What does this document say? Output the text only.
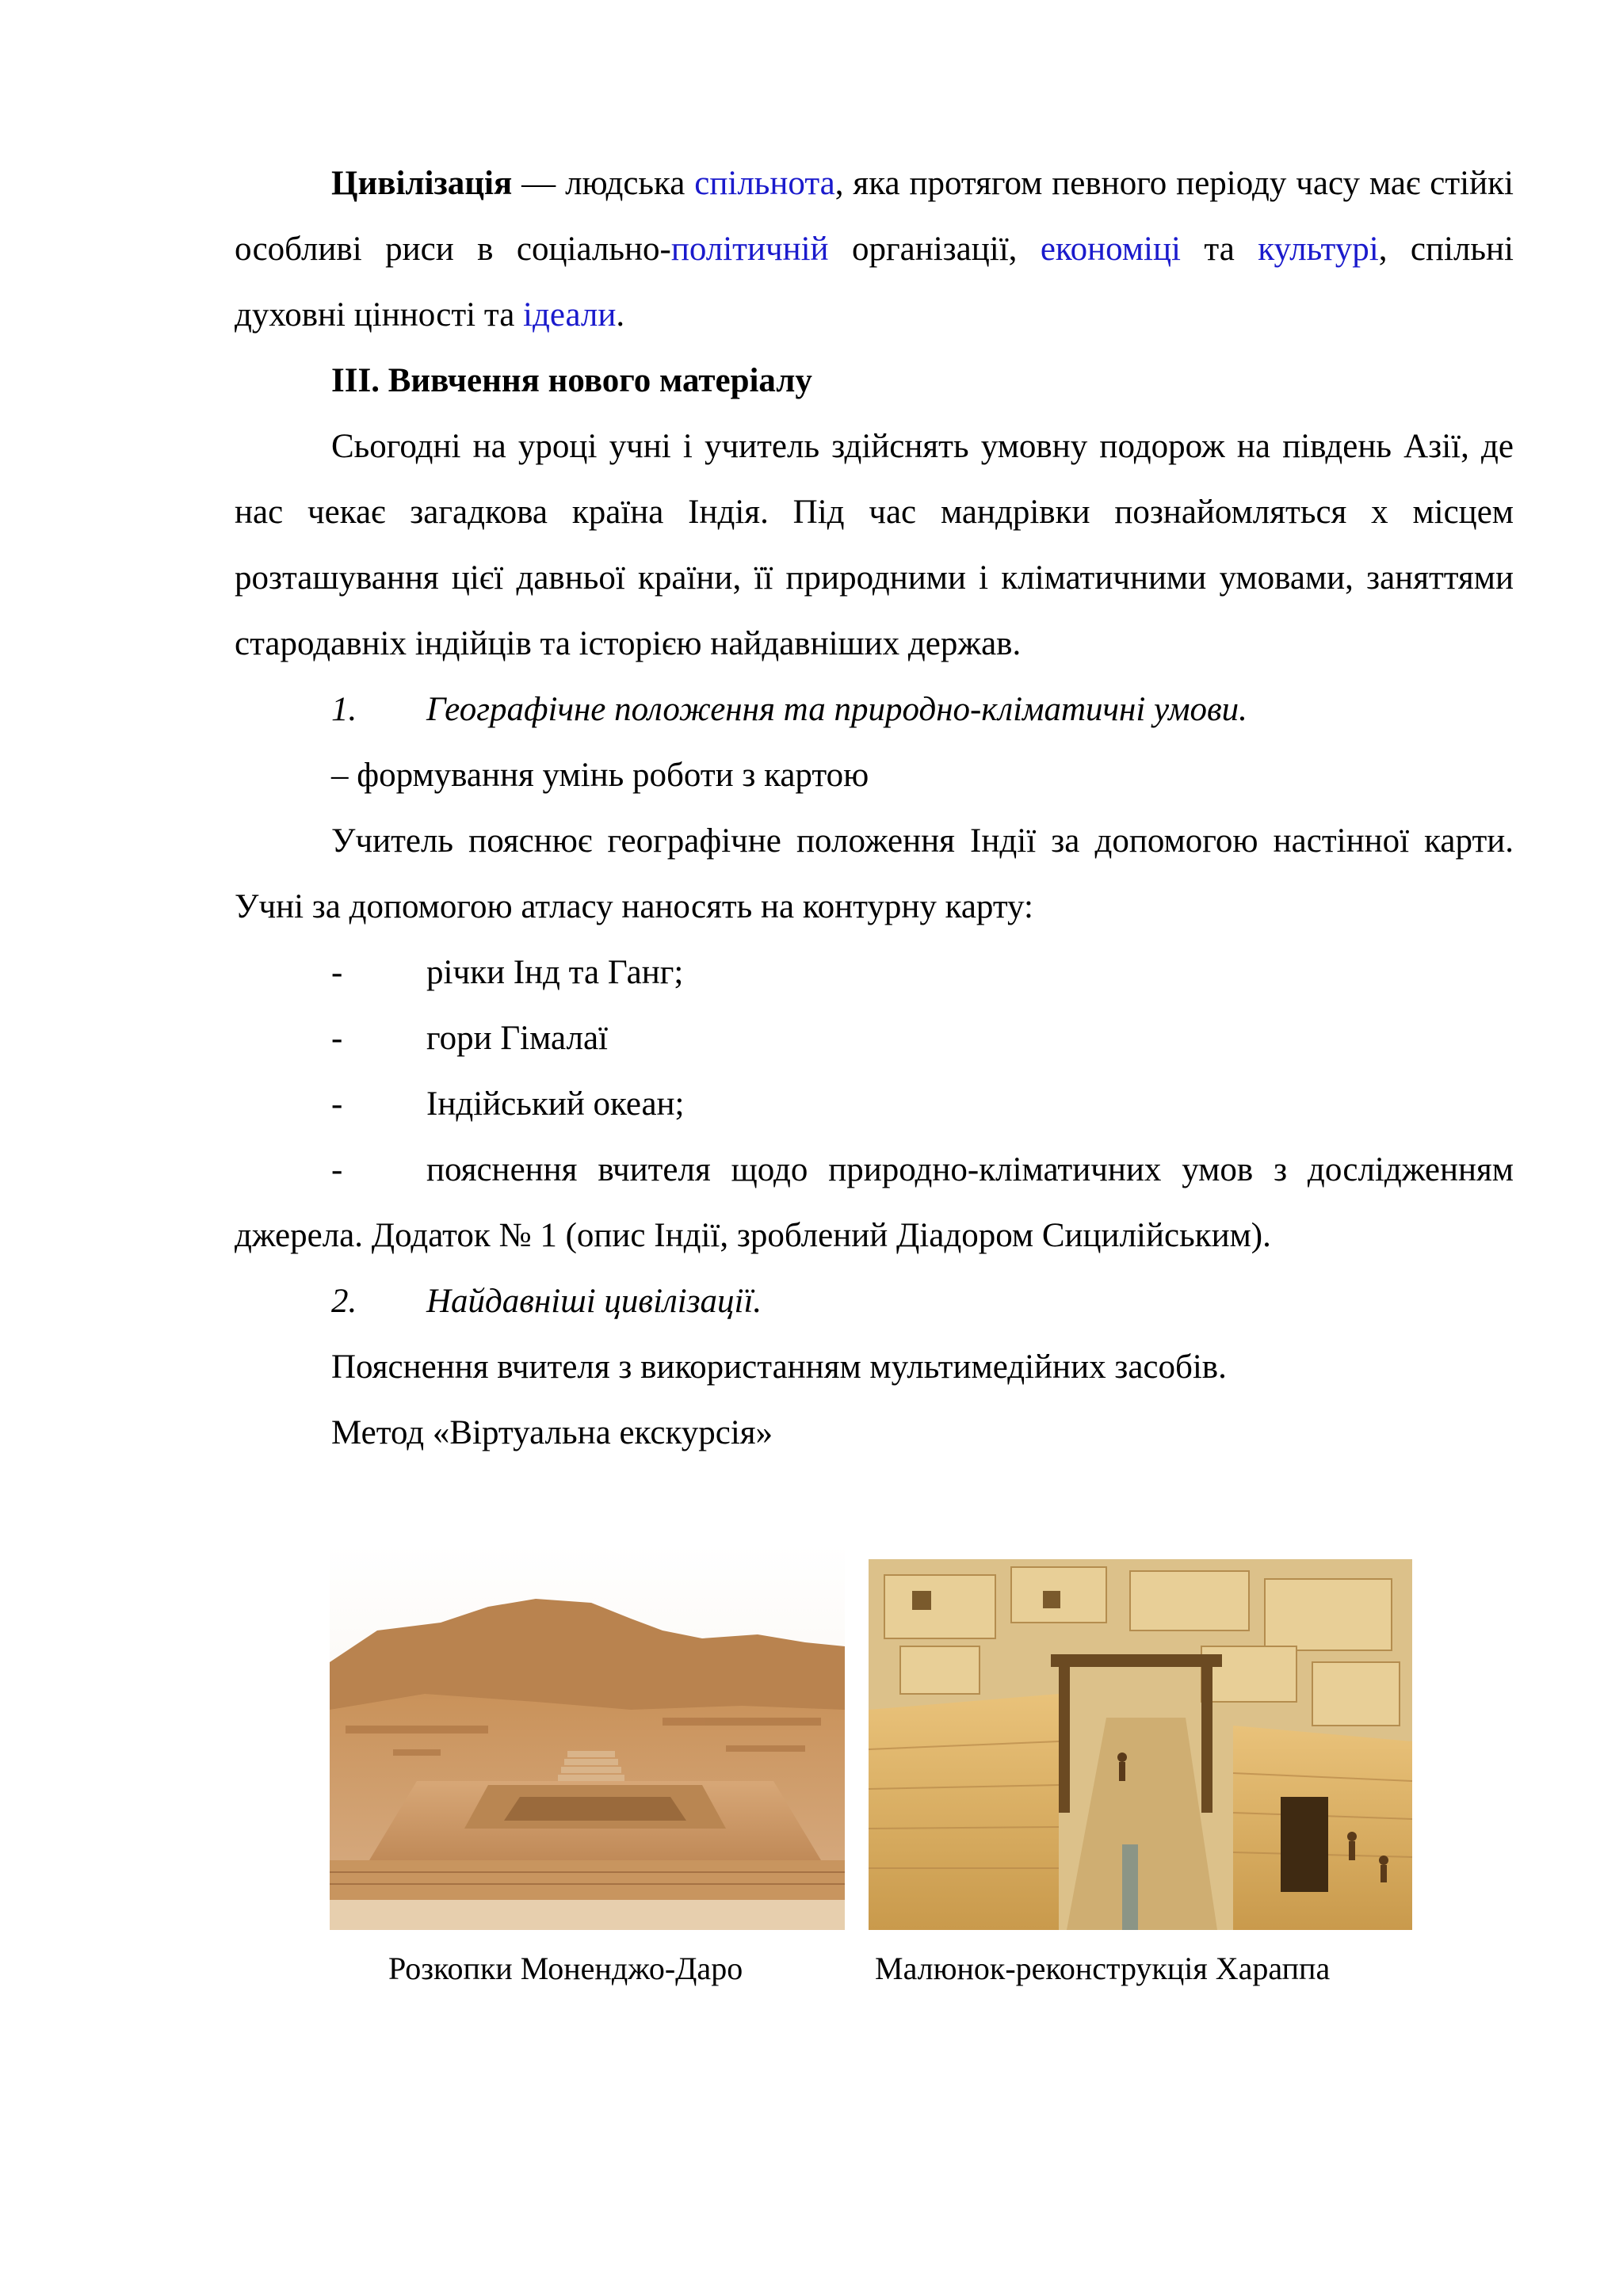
Цивілізація — людська спільнота, яка протягом певного періоду часу має стійкі особливі риси в соціально-політичній організації, економіці та культурі, спільні духовні цінності та ідеали.

ІІІ. Вивчення нового матеріалу

Сьогодні на уроці учні і учитель здійснять умовну подорож на південь Азії, де нас чекає загадкова країна Індія. Під час мандрівки познайомляться х місцем розташування цієї давньої країни, її природними і кліматичними умовами, заняттями стародавніх індійців та історією найдавніших держав.

1.	Географічне положення та природно-кліматичні умови.

– формування умінь роботи з картою

Учитель пояснює географічне положення Індії за допомогою настінної карти. Учні за допомогою атласу наносять на контурну карту:

-	річки Інд та Ганг;
-	гори Гімалаї
-	Індійський океан;
- пояснення вчителя щодо природно-кліматичних умов з дослідженням джерела. Додаток № 1 (опис Індії, зроблений Діадором Сицилійським).
2.	Найдавніші цивілізації.

Пояснення вчителя з використанням мультимедійних засобів.

Метод «Віртуальна екскурсія»

Розкопки Моненджо-Даро	Малюнок-реконструкція Хараппа
